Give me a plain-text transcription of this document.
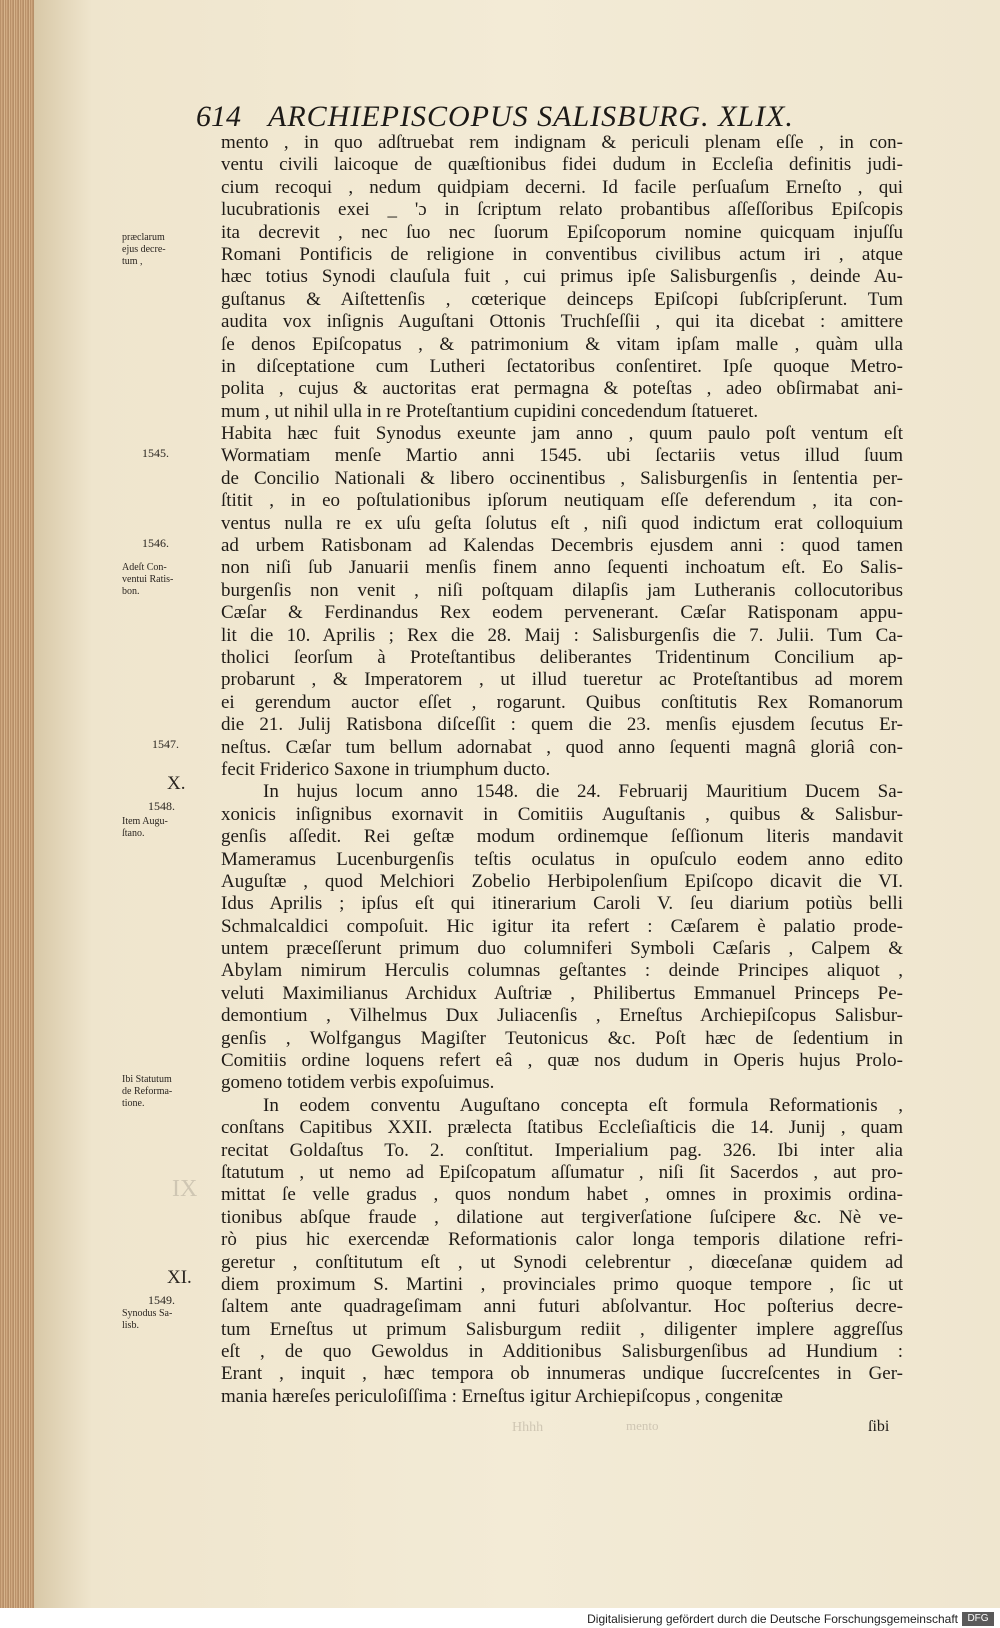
614 ARCHIEPISCOPUS SALISBURG. XLIX.
mento , in quo adſtruebat rem indignam & periculi plenam eſſe , in con-
ventu civili laicoque de quæſtionibus fidei dudum in Eccleſia definitis judi-
cium recoqui , nedum quidpiam decerni. Id facile perſuaſum Erneſto , qui
lucubrationis exei _ 'ɔ in ſcriptum relato probantibus aſſeſſoribus Epiſcopis
ita decrevit , nec ſuo nec ſuorum Epiſcoporum nomine quicquam injuſſu
Romani Pontificis de religione in conventibus civilibus actum iri , atque
hæc totius Synodi clauſula fuit , cui primus ipſe Salisburgenſis , deinde Au-
guſtanus & Aiſtettenſis , cœterique deinceps Epiſcopi ſubſcripſerunt. Tum
audita vox inſignis Auguſtani Ottonis Truchſeſſii , qui ita dicebat : amittere
ſe denos Epiſcopatus , & patrimonium & vitam ipſam malle , quàm ulla
in diſceptatione cum Lutheri ſectatoribus conſentiret. Ipſe quoque Metro-
polita , cujus & auctoritas erat permagna & poteſtas , adeo obſirmabat ani-
mum , ut nihil ulla in re Proteſtantium cupidini concedendum ſtatueret.
Habita hæc fuit Synodus exeunte jam anno , quum paulo poſt ventum eſt
Wormatiam menſe Martio anni 1545. ubi ſectariis vetus illud ſuum
de Concilio Nationali & libero occinentibus , Salisburgenſis in ſententia per-
ſtitit , in eo poſtulationibus ipſorum neutiquam eſſe deferendum , ita con-
ventus nulla re ex uſu geſta ſolutus eſt , niſi quod indictum erat colloquium
ad urbem Ratisbonam ad Kalendas Decembris ejusdem anni : quod tamen
non niſi ſub Januarii menſis finem anno ſequenti inchoatum eſt. Eo Salis-
burgenſis non venit , niſi poſtquam dilapſis jam Lutheranis collocutoribus
Cæſar & Ferdinandus Rex eodem pervenerant. Cæſar Ratisponam appu-
lit die 10. Aprilis ; Rex die 28. Maij : Salisburgenſis die 7. Julii. Tum Ca-
tholici ſeorſum à Proteſtantibus deliberantes Tridentinum Concilium ap-
probarunt , & Imperatorem , ut illud tueretur ac Proteſtantibus ad morem
ei gerendum auctor eſſet , rogarunt. Quibus conſtitutis Rex Romanorum
die 21. Julij Ratisbona diſceſſit : quem die 23. menſis ejusdem ſecutus Er-
neſtus. Cæſar tum bellum adornabat , quod anno ſequenti magnâ gloriâ con-
fecit Friderico Saxone in triumphum ducto.
In hujus locum anno 1548. die 24. Februarij Mauritium Ducem Sa-
xonicis inſignibus exornavit in Comitiis Auguſtanis , quibus & Salisbur-
genſis aſſedit. Rei geſtæ modum ordinemque ſeſſionum literis mandavit
Mameramus Lucenburgenſis teſtis oculatus in opuſculo eodem anno edito
Auguſtæ , quod Melchiori Zobelio Herbipolenſium Epiſcopo dicavit die VI.
Idus Aprilis ; ipſus eſt qui itinerarium Caroli V. ſeu diarium potiùs belli
Schmalcaldici compoſuit. Hic igitur ita refert : Cæſarem è palatio prode-
untem præceſſerunt primum duo columniferi Symboli Cæſaris , Calpem &
Abylam nimirum Herculis columnas geſtantes : deinde Principes aliquot ,
veluti Maximilianus Archidux Auſtriæ , Philibertus Emmanuel Princeps Pe-
demontium , Vilhelmus Dux Juliacenſis , Erneſtus Archiepiſcopus Salisbur-
genſis , Wolfgangus Magiſter Teutonicus &c. Poſt hæc de ſedentium in
Comitiis ordine loquens refert eâ , quæ nos dudum in Operis hujus Prolo-
gomeno totidem verbis expoſuimus.
In eodem conventu Auguſtano concepta eſt formula Reformationis ,
conſtans Capitibus XXII. prælecta ſtatibus Eccleſiaſticis die 14. Junij , quam
recitat Goldaſtus To. 2. conſtitut. Imperialium pag. 326. Ibi inter alia
ſtatutum , ut nemo ad Epiſcopatum aſſumatur , niſi ſit Sacerdos , aut pro-
mittat ſe velle gradus , quos nondum habet , omnes in proximis ordina-
tionibus abſque fraude , dilatione aut tergiverſatione ſuſcipere &c. Nè ve-
rò pius hic exercendæ Reformationis calor longa temporis dilatione refri-
geretur , conſtitutum eſt , ut Synodi celebrentur , diœceſanæ quidem ad
diem proximum S. Martini , provinciales primo quoque tempore , ſic ut
ſaltem ante quadrageſimam anni futuri abſolvantur. Hoc poſterius decre-
tum Erneſtus ut primum Salisburgum rediit , diligenter implere aggreſſus
eſt , de quo Gewoldus in Additionibus Salisburgenſibus ad Hundium :
Erant , inquit , hæc tempora ob innumeras undique ſuccreſcentes in Ger-
mania hæreſes periculoſiſſima : Erneſtus igitur Archiepiſcopus , congenitæ
præclarum
ejus decre-
tum ,
1545.
1546.
Adeſt Con-
ventui Ratis-
bon.
1547.
X.
1548.
Item Augu-
ſtano.
Ibi Statutum
de Reforma-
tione.
XI.
1549.
Synodus Sa-
lisb.
IX
Hhhh	mento	ſibi
Digitalisierung gefördert durch die Deutsche Forschungsgemeinschaft DFG
